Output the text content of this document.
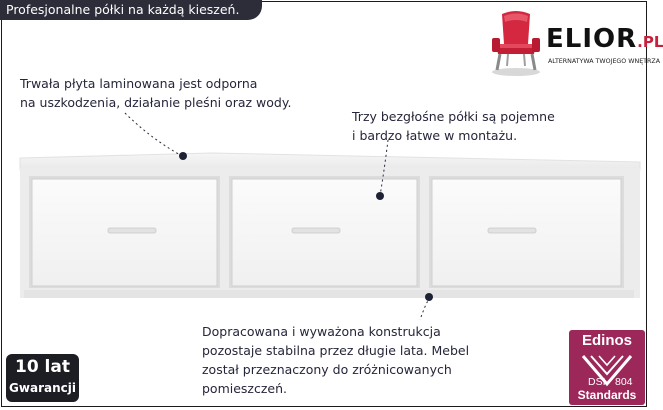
Profesjonalne półki na każdą kieszeń.
ELIOR.PL
ALTERNATYWA TWOJEGO WNĘTRZA
Trwała płyta laminowana jest odporna
na uszkodzenia, działanie pleśni oraz wody.
Trzy bezgłośne półki są pojemne
i bardzo łatwe w montażu.
Dopracowana i wyważona konstrukcja
pozostaje stabilna przez długie lata. Mebel
został przeznaczony do zróżnicowanych
pomieszczeń.
10 lat
Gwarancji
Edinos
DSI 804
Standards
